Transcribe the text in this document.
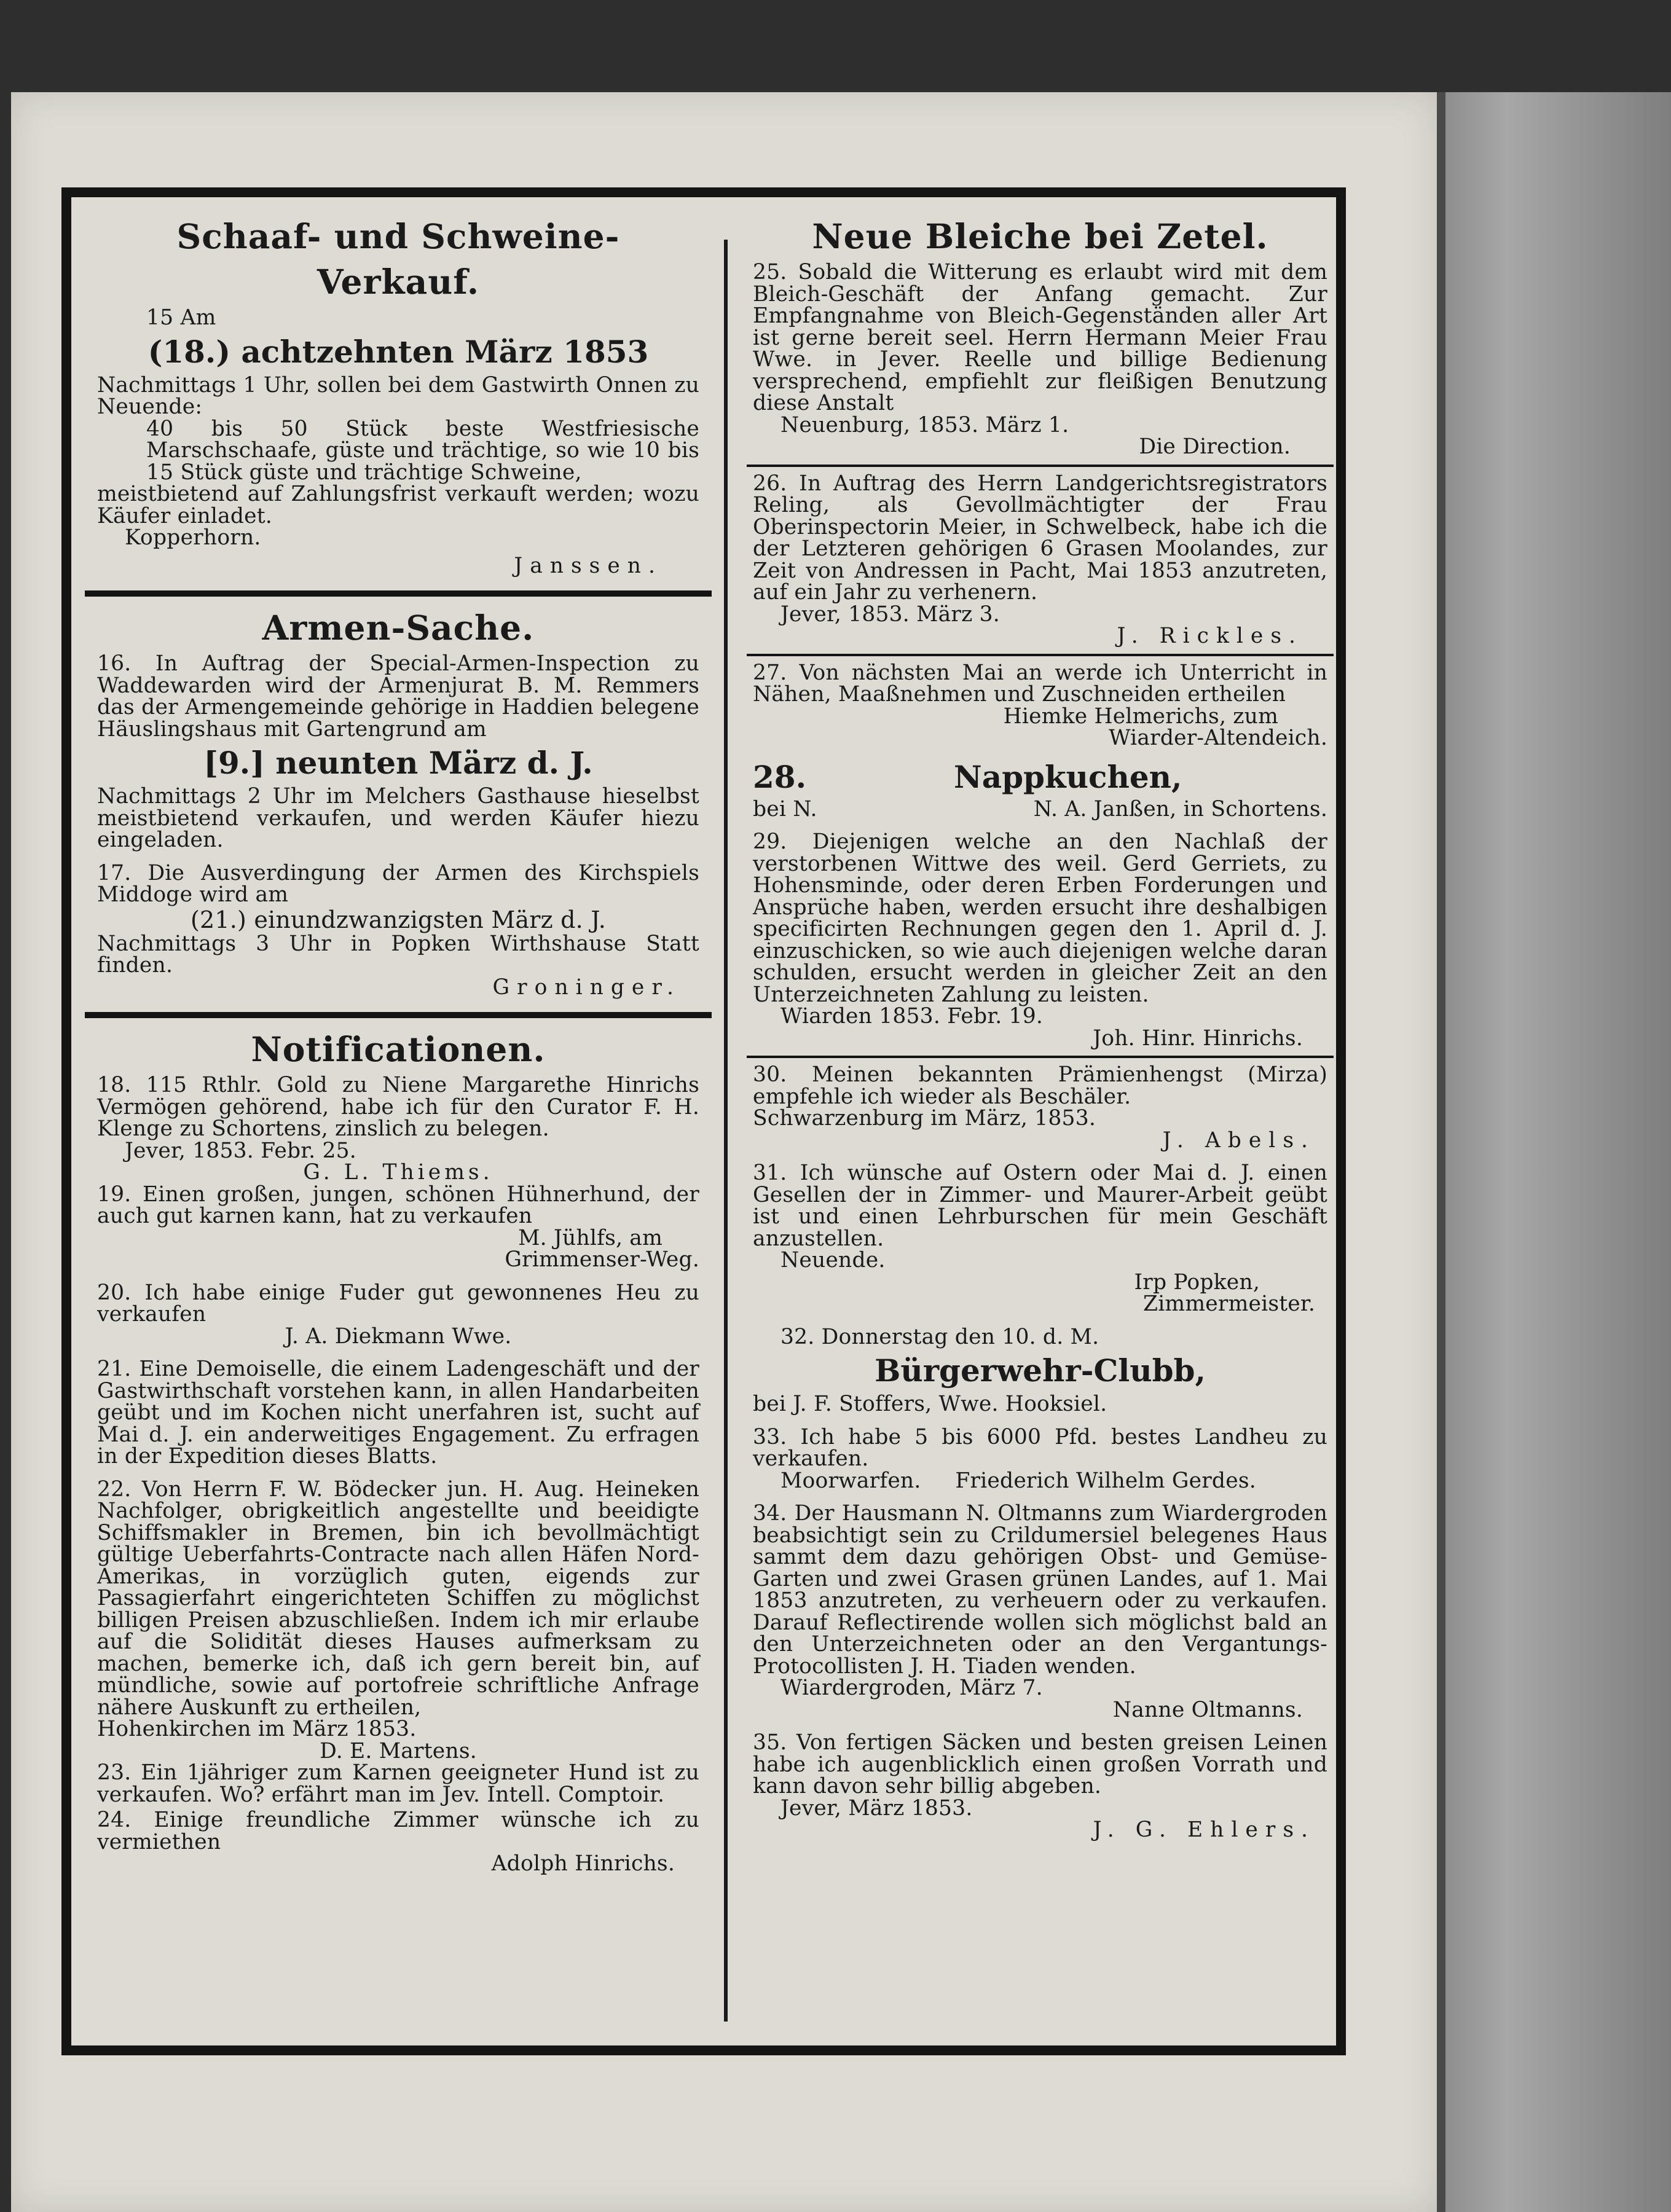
Schaaf- und Schweine-Verkauf.

15 Am

(18.) achtzehnten März 1853

Nachmittags 1 Uhr, sollen bei dem Gastwirth Onnen zu Neuende:

40 bis 50 Stück beste Westfriesische Marschschaafe, güste und trächtige, so wie 10 bis 15 Stück güste und trächtige Schweine,

meistbietend auf Zahlungsfrist verkauft werden; wozu Käufer einladet.

Kopperhorn.

Janssen.

Armen-Sache.

16. In Auftrag der Special-Armen-Inspection zu Waddewarden wird der Armenjurat B. M. Remmers das der Armengemeinde gehörige in Haddien belegene Häuslingshaus mit Gartengrund am

[9.] neunten März d. J.

Nachmittags 2 Uhr im Melchers Gasthause hieselbst meistbietend verkaufen, und werden Käufer hiezu eingeladen.

17. Die Ausverdingung der Armen des Kirchspiels Middoge wird am

(21.) einundzwanzigsten März d. J.

Nachmittags 3 Uhr in Popken Wirthshause Statt finden.

Groninger.

Notificationen.

18. 115 Rthlr. Gold zu Niene Margarethe Hinrichs Vermögen gehörend, habe ich für den Curator F. H. Klenge zu Schortens, zinslich zu belegen.

Jever, 1853. Febr. 25.

G. L. Thiems.

19. Einen großen, jungen, schönen Hühnerhund, der auch gut karnen kann, hat zu verkaufen

M. Jühlfs, am

Grimmenser-Weg.

20. Ich habe einige Fuder gut gewonnenes Heu zu verkaufen

J. A. Diekmann Wwe.

21. Eine Demoiselle, die einem Ladengeschäft und der Gastwirthschaft vorstehen kann, in allen Handarbeiten geübt und im Kochen nicht unerfahren ist, sucht auf Mai d. J. ein anderweitiges Engagement. Zu erfragen in der Expedition dieses Blatts.

22. Von Herrn F. W. Bödecker jun. H. Aug. Heineken Nachfolger, obrigkeitlich angestellte und beeidigte Schiffsmakler in Bremen, bin ich bevollmächtigt gültige Ueberfahrts-Contracte nach allen Häfen Nord-Amerikas, in vorzüglich guten, eigends zur Passagierfahrt eingerichteten Schiffen zu möglichst billigen Preisen abzuschließen. Indem ich mir erlaube auf die Solidität dieses Hauses aufmerksam zu machen, bemerke ich, daß ich gern bereit bin, auf mündliche, sowie auf portofreie schriftliche Anfrage nähere Auskunft zu ertheilen,

Hohenkirchen im März 1853.

D. E. Martens.

23. Ein 1jähriger zum Karnen geeigneter Hund ist zu verkaufen. Wo? erfährt man im Jev. Intell. Comptoir.

24. Einige freundliche Zimmer wünsche ich zu vermiethen

Adolph Hinrichs.

Neue Bleiche bei Zetel.

25. Sobald die Witterung es erlaubt wird mit dem Bleich-Geschäft der Anfang gemacht. Zur Empfangnahme von Bleich-Gegenständen aller Art ist gerne bereit seel. Herrn Hermann Meier Frau Wwe. in Jever. Reelle und billige Bedienung versprechend, empfiehlt zur fleißigen Benutzung diese Anstalt

Neuenburg, 1853. März 1.

Die Direction.

26. In Auftrag des Herrn Landgerichtsregistrators Reling, als Gevollmächtigter der Frau Oberinspectorin Meier, in Schwelbeck, habe ich die der Letzteren gehörigen 6 Grasen Moolandes, zur Zeit von Andressen in Pacht, Mai 1853 anzutreten, auf ein Jahr zu verhenern.

Jever, 1853. März 3.

J. Rickles.

27. Von nächsten Mai an werde ich Unterricht in Nähen, Maaßnehmen und Zuschneiden ertheilen

Hiemke Helmerichs, zum

Wiarder-Altendeich.

28.	Nappkuchen,

bei N.	N. A. Janßen, in Schortens.

29. Diejenigen welche an den Nachlaß der verstorbenen Wittwe des weil. Gerd Gerriets, zu Hohensminde, oder deren Erben Forderungen und Ansprüche haben, werden ersucht ihre deshalbigen specificirten Rechnungen gegen den 1. April d. J. einzuschicken, so wie auch diejenigen welche daran schulden, ersucht werden in gleicher Zeit an den Unterzeichneten Zahlung zu leisten.

Wiarden 1853. Febr. 19.

Joh. Hinr. Hinrichs.

30. Meinen bekannten Prämienhengst (Mirza) empfehle ich wieder als Beschäler.

Schwarzenburg im März, 1853.

J. Abels.

31. Ich wünsche auf Ostern oder Mai d. J. einen Gesellen der in Zimmer- und Maurer-Arbeit geübt ist und einen Lehrburschen für mein Geschäft anzustellen.

Neuende.

Irp Popken,

Zimmermeister.

32. Donnerstag den 10. d. M.

Bürgerwehr-Clubb,

bei J. F. Stoffers, Wwe. Hooksiel.

33. Ich habe 5 bis 6000 Pfd. bestes Landheu zu verkaufen.

Moorwarfen.     Friederich Wilhelm Gerdes.

34. Der Hausmann N. Oltmanns zum Wiardergroden beabsichtigt sein zu Crildumersiel belegenes Haus sammt dem dazu gehörigen Obst- und Gemüse-Garten und zwei Grasen grünen Landes, auf 1. Mai 1853 anzutreten, zu verheuern oder zu verkaufen. Darauf Reflectirende wollen sich möglichst bald an den Unterzeichneten oder an den Vergantungs-Protocollisten J. H. Tiaden wenden.

Wiardergroden, März 7.

Nanne Oltmanns.

35. Von fertigen Säcken und besten greisen Leinen habe ich augenblicklich einen großen Vorrath und kann davon sehr billig abgeben.

Jever, März 1853.

J. G. Ehlers.
